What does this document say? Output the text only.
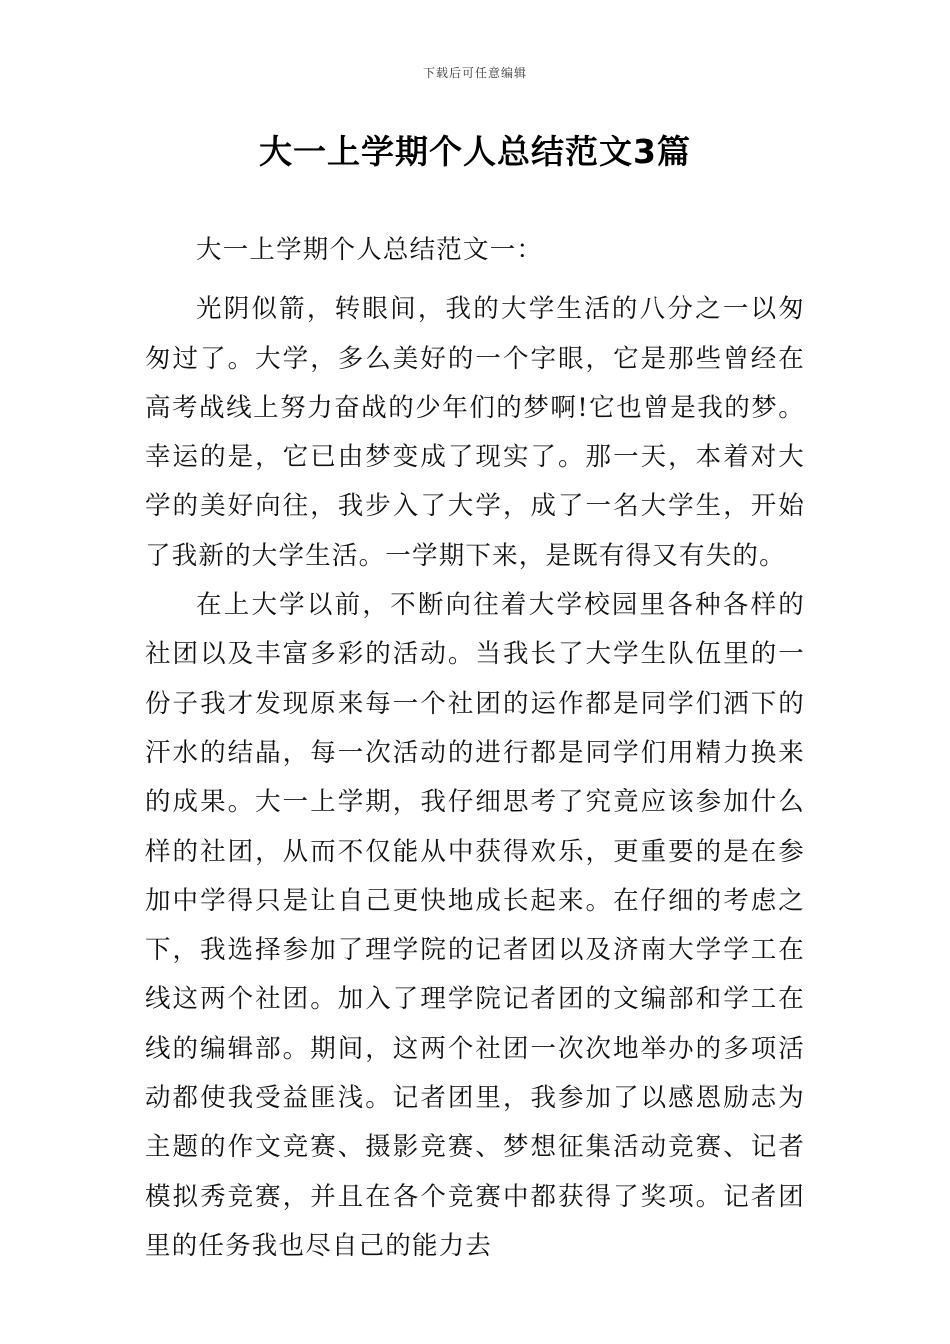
下载后可任意编辑
大一上学期个人总结范文3篇

大一上学期个人总结范文一：

光阴似箭，转眼间，我的大学生活的八分之一以匆匆过了。大学，多么美好的一个字眼，它是那些曾经在高考战线上努力奋战的少年们的梦啊!它也曾是我的梦。幸运的是，它已由梦变成了现实了。那一天，本着对大学的美好向往，我步入了大学，成了一名大学生，开始了我新的大学生活。一学期下来，是既有得又有失的。

在上大学以前，不断向往着大学校园里各种各样的社团以及丰富多彩的活动。当我长了大学生队伍里的一份子我才发现原来每一个社团的运作都是同学们洒下的汗水的结晶，每一次活动的进行都是同学们用精力换来的成果。大一上学期，我仔细思考了究竟应该参加什么样的社团，从而不仅能从中获得欢乐，更重要的是在参加中学得只是让自己更快地成长起来。在仔细的考虑之下，我选择参加了理学院的记者团以及济南大学学工在线这两个社团。加入了理学院记者团的文编部和学工在线的编辑部。期间，这两个社团一次次地举办的多项活动都使我受益匪浅。记者团里，我参加了以感恩励志为主题的作文竞赛、摄影竞赛、梦想征集活动竞赛、记者模拟秀竞赛，并且在各个竞赛中都获得了奖项。记者团里的任务我也尽自己的能力去
